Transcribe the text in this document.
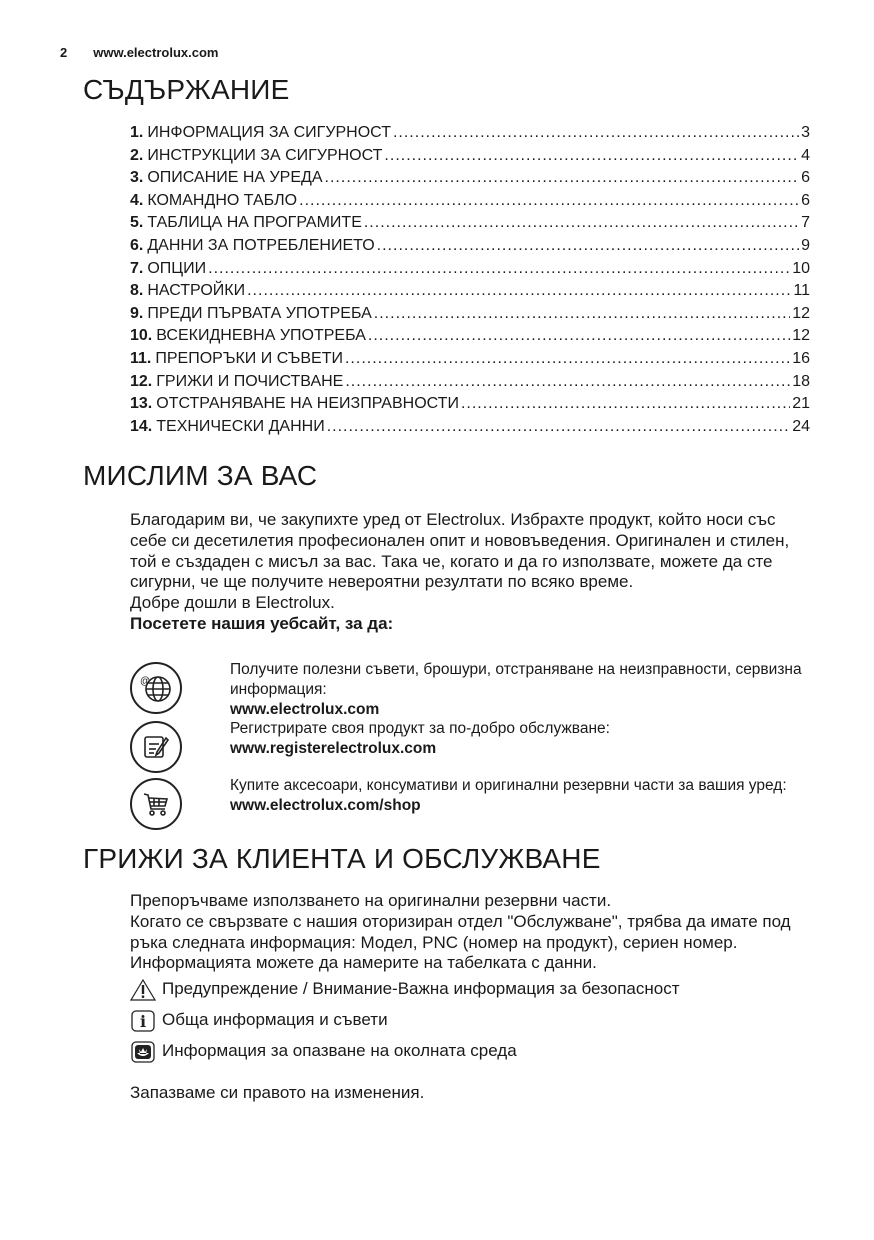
2 www.electrolux.com
СЪДЪРЖАНИЕ
1. ИНФОРМАЦИЯ ЗА СИГУРНОСТ .....	3
2. ИНСТРУКЦИИ ЗА СИГУРНОСТ .....	4
3. ОПИСАНИЕ НА УРЕДА .....	6
4. КОМАНДНО ТАБЛО .....	6
5. ТАБЛИЦА НА ПРОГРАМИТЕ .....	7
6. ДАННИ ЗА ПОТРЕБЛЕНИЕТО .....	9
7. ОПЦИИ .....	10
8. НАСТРОЙКИ .....	11
9. ПРЕДИ ПЪРВАТА УПОТРЕБА .....	12
10. ВСЕКИДНЕВНА УПОТРЕБА .....	12
11. ПРЕПОРЪКИ И СЪВЕТИ .....	16
12. ГРИЖИ И ПОЧИСТВАНЕ .....	18
13. ОТСТРАНЯВАНЕ НА НЕИЗПРАВНОСТИ .....	21
14. ТЕХНИЧЕСКИ ДАННИ .....	24
МИСЛИМ ЗА ВАС

Благодарим ви, че закупихте уред от Electrolux. Избрахте продукт, който носи със себе си десетилетия професионален опит и нововъведения. Оригинален и стилен, той е създаден с мисъл за вас. Така че, когато и да го използвате, можете да сте сигурни, че ще получите невероятни резултати по всяко време.

Добре дошли в Electrolux.

Посетете нашия уебсайт, за да:

@
Получите полезни съвети, брошури, отстраняване на неизправности, сервизна информация:
www.electrolux.com
Регистрирате своя продукт за по-добро обслужване:
www.registerelectrolux.com
Купите аксесоари, консумативи и оригинални резервни части за вашия уред:
www.electrolux.com/shop
ГРИЖИ ЗА КЛИЕНТА И ОБСЛУЖВАНЕ

Препоръчваме използването на оригинални резервни части.

Когато се свързвате с нашия оторизиран отдел "Обслужване", трябва да имате под ръка следната информация: Модел, PNC (номер на продукт), сериен номер.

Информацията можете да намерите на табелката с данни.

Предупреждение / Внимание-Важна информация за безопасност
i Обща информация и съвети
Информация за опазване на околната среда

Запазваме си правото на изменения.
